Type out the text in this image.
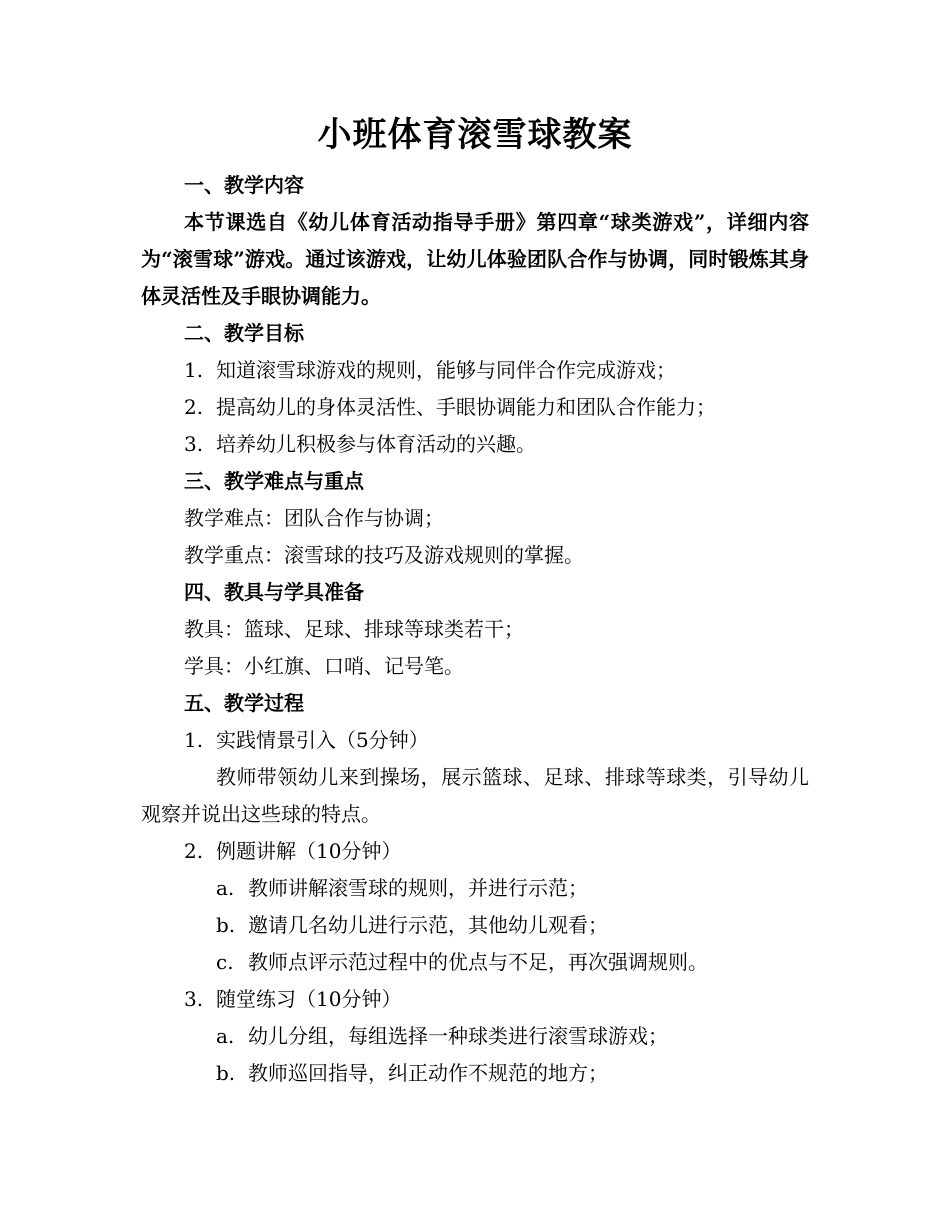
小班体育滚雪球教案

一、教学内容

本节课选自《幼儿体育活动指导手册》第四章“球类游戏”，详细内容为“滚雪球”游戏。通过该游戏，让幼儿体验团队合作与协调，同时锻炼其身体灵活性及手眼协调能力。

二、教学目标

1. 知道滚雪球游戏的规则，能够与同伴合作完成游戏；

2. 提高幼儿的身体灵活性、手眼协调能力和团队合作能力；

3. 培养幼儿积极参与体育活动的兴趣。

三、教学难点与重点

教学难点：团队合作与协调；

教学重点：滚雪球的技巧及游戏规则的掌握。

四、教具与学具准备

教具：篮球、足球、排球等球类若干；

学具：小红旗、口哨、记号笔。

五、教学过程

1. 实践情景引入（5分钟）

教师带领幼儿来到操场，展示篮球、足球、排球等球类，引导幼儿观察并说出这些球的特点。

2. 例题讲解（10分钟）

a. 教师讲解滚雪球的规则，并进行示范；

b. 邀请几名幼儿进行示范，其他幼儿观看；

c. 教师点评示范过程中的优点与不足，再次强调规则。

3. 随堂练习（10分钟）

a. 幼儿分组，每组选择一种球类进行滚雪球游戏；

b. 教师巡回指导，纠正动作不规范的地方；
